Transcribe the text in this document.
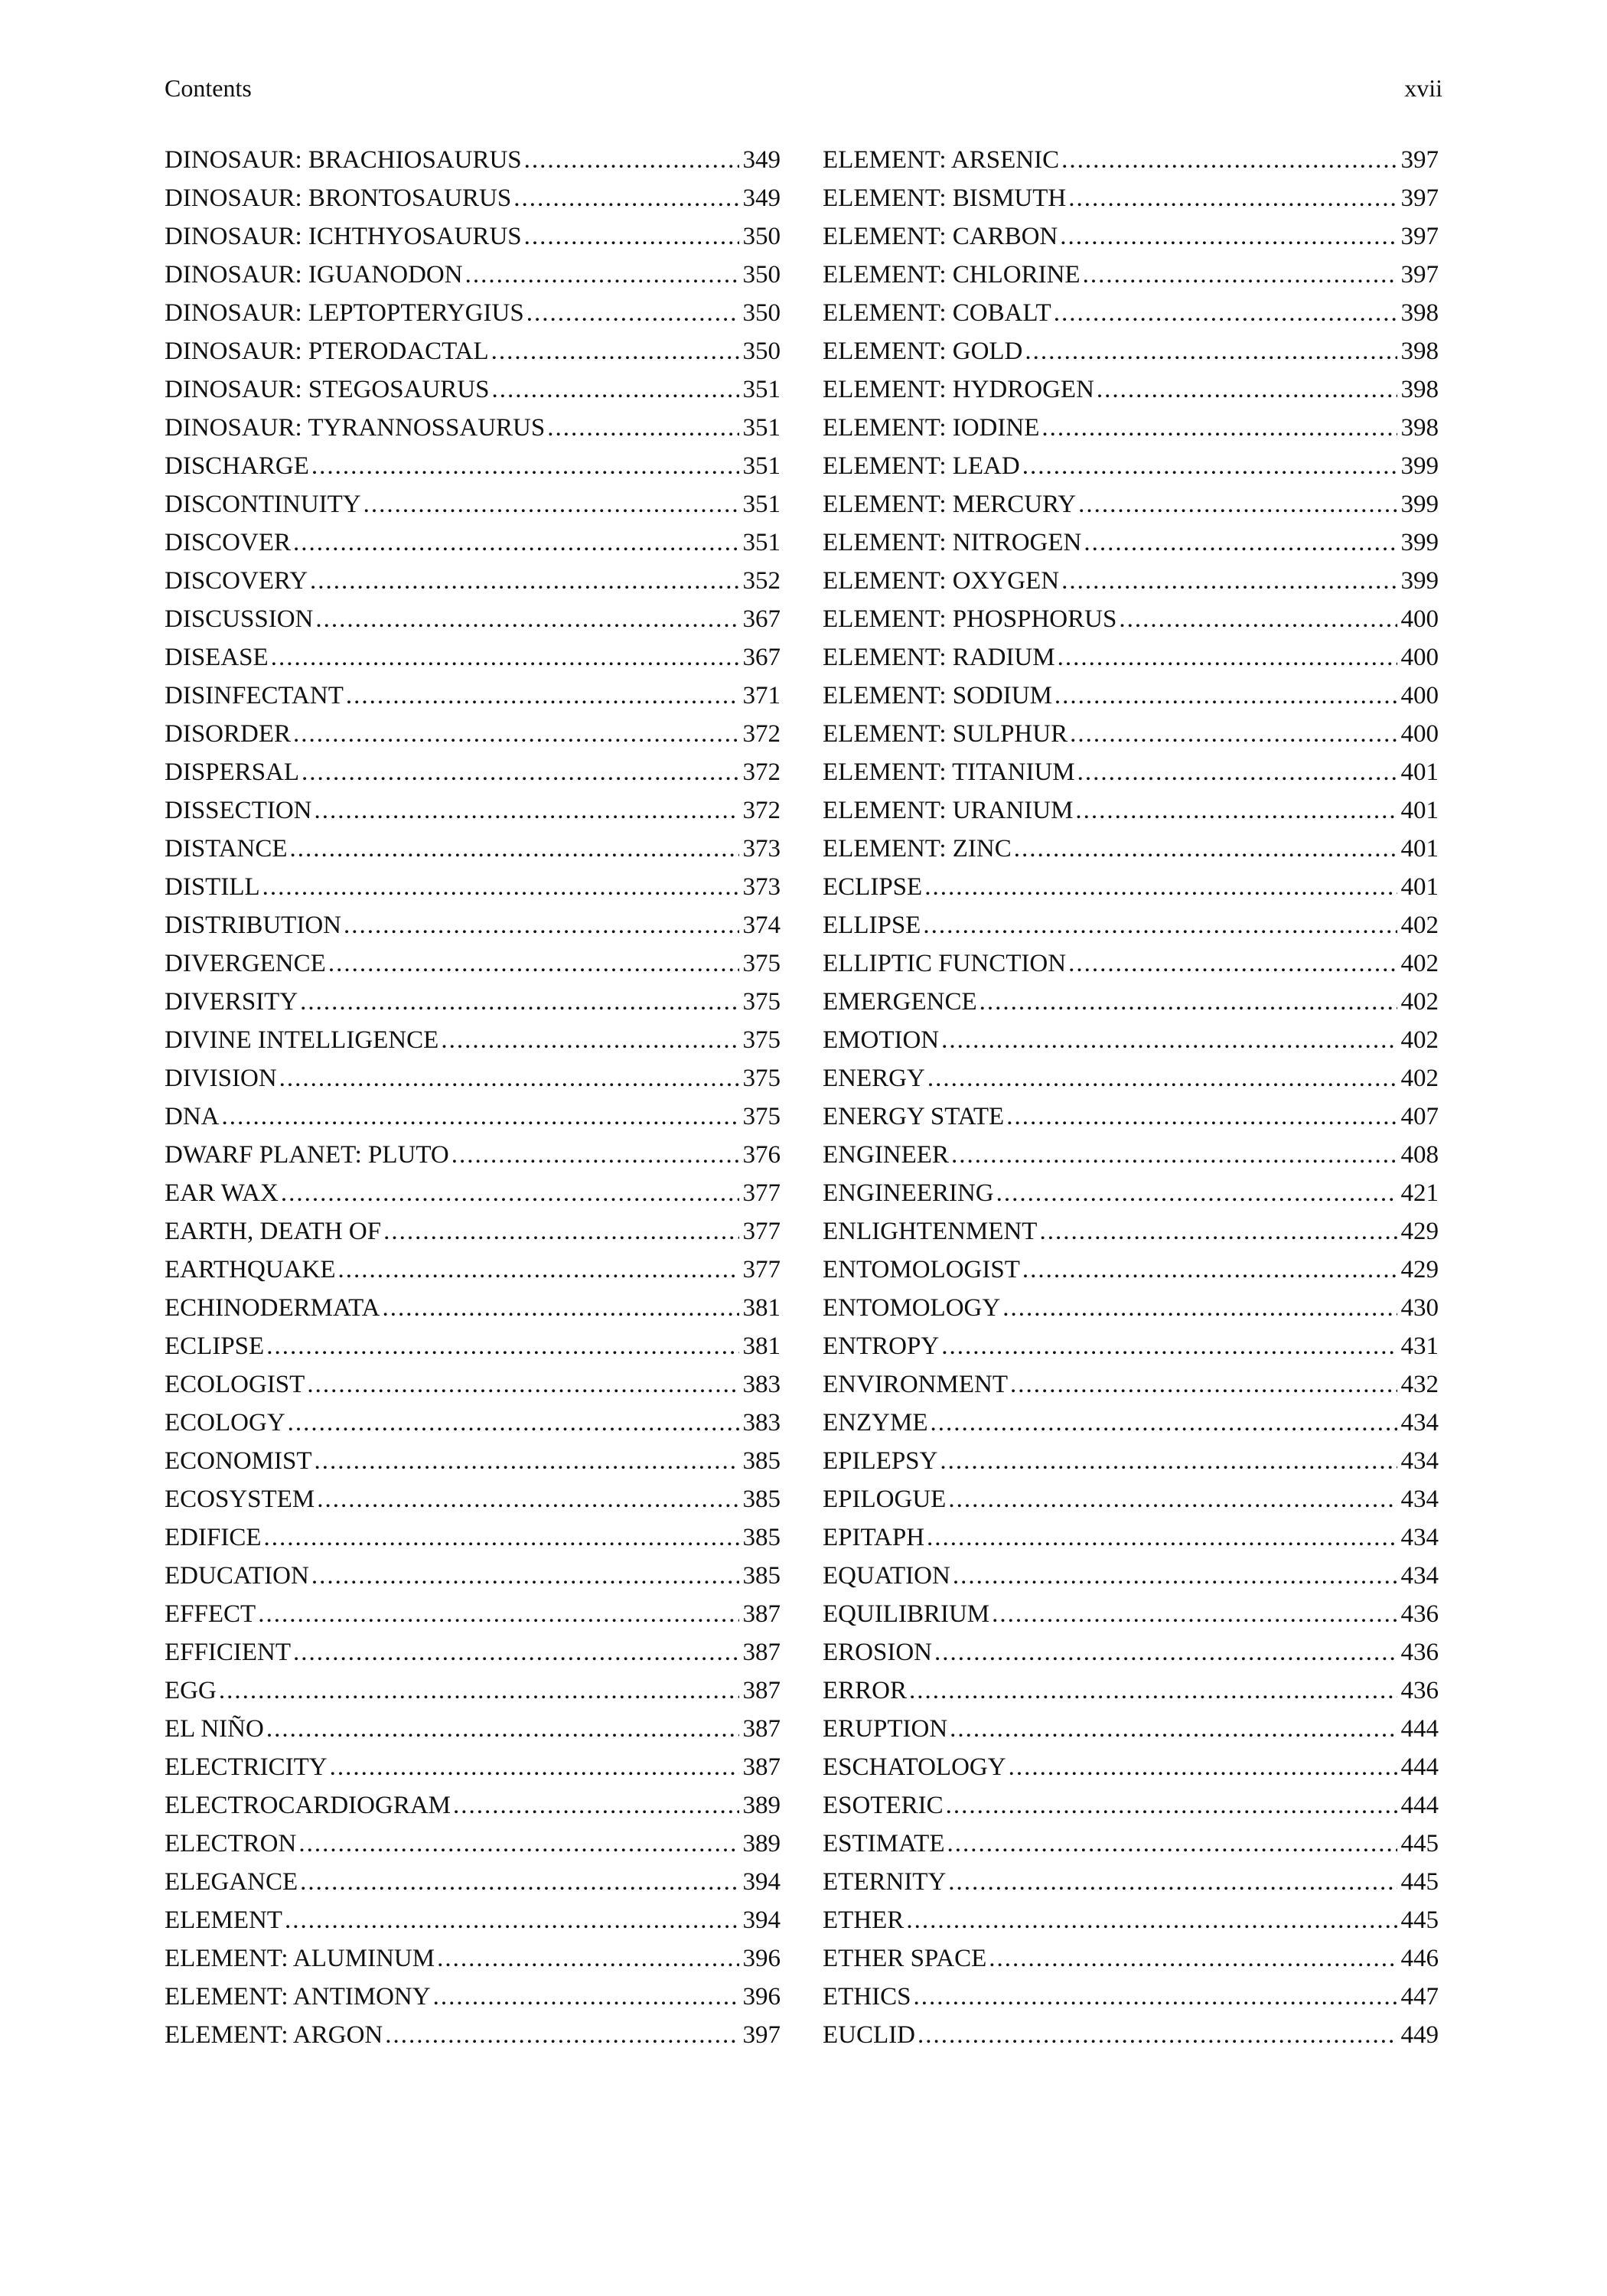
Contents	xvii
DINOSAUR: BRACHIOSAURUS .....	349
DINOSAUR: BRONTOSAURUS .....	349
DINOSAUR: ICHTHYOSAURUS .....	350
DINOSAUR: IGUANODON .....	350
DINOSAUR: LEPTOPTERYGIUS .....	350
DINOSAUR: PTERODACTAL .....	350
DINOSAUR: STEGOSAURUS .....	351
DINOSAUR: TYRANNOSSAURUS .....	351
DISCHARGE .....	351
DISCONTINUITY .....	351
DISCOVER .....	351
DISCOVERY .....	352
DISCUSSION .....	367
DISEASE .....	367
DISINFECTANT .....	371
DISORDER .....	372
DISPERSAL .....	372
DISSECTION .....	372
DISTANCE .....	373
DISTILL .....	373
DISTRIBUTION .....	374
DIVERGENCE .....	375
DIVERSITY .....	375
DIVINE INTELLIGENCE .....	375
DIVISION .....	375
DNA .....	375
DWARF PLANET: PLUTO .....	376
EAR WAX .....	377
EARTH, DEATH OF .....	377
EARTHQUAKE .....	377
ECHINODERMATA .....	381
ECLIPSE .....	381
ECOLOGIST .....	383
ECOLOGY .....	383
ECONOMIST .....	385
ECOSYSTEM .....	385
EDIFICE .....	385
EDUCATION .....	385
EFFECT .....	387
EFFICIENT .....	387
EGG .....	387
EL NIÑO .....	387
ELECTRICITY .....	387
ELECTROCARDIOGRAM .....	389
ELECTRON .....	389
ELEGANCE .....	394
ELEMENT .....	394
ELEMENT: ALUMINUM .....	396
ELEMENT: ANTIMONY .....	396
ELEMENT: ARGON .....	397
ELEMENT: ARSENIC .....	397
ELEMENT: BISMUTH .....	397
ELEMENT: CARBON .....	397
ELEMENT: CHLORINE .....	397
ELEMENT: COBALT .....	398
ELEMENT: GOLD .....	398
ELEMENT: HYDROGEN .....	398
ELEMENT: IODINE .....	398
ELEMENT: LEAD .....	399
ELEMENT: MERCURY .....	399
ELEMENT: NITROGEN .....	399
ELEMENT: OXYGEN .....	399
ELEMENT: PHOSPHORUS .....	400
ELEMENT: RADIUM .....	400
ELEMENT: SODIUM .....	400
ELEMENT: SULPHUR .....	400
ELEMENT: TITANIUM .....	401
ELEMENT: URANIUM .....	401
ELEMENT: ZINC .....	401
ECLIPSE .....	401
ELLIPSE .....	402
ELLIPTIC FUNCTION .....	402
EMERGENCE .....	402
EMOTION .....	402
ENERGY .....	402
ENERGY STATE .....	407
ENGINEER .....	408
ENGINEERING .....	421
ENLIGHTENMENT .....	429
ENTOMOLOGIST .....	429
ENTOMOLOGY .....	430
ENTROPY .....	431
ENVIRONMENT .....	432
ENZYME .....	434
EPILEPSY .....	434
EPILOGUE .....	434
EPITAPH .....	434
EQUATION .....	434
EQUILIBRIUM .....	436
EROSION .....	436
ERROR .....	436
ERUPTION .....	444
ESCHATOLOGY .....	444
ESOTERIC .....	444
ESTIMATE .....	445
ETERNITY .....	445
ETHER .....	445
ETHER SPACE .....	446
ETHICS .....	447
EUCLID .....	449
